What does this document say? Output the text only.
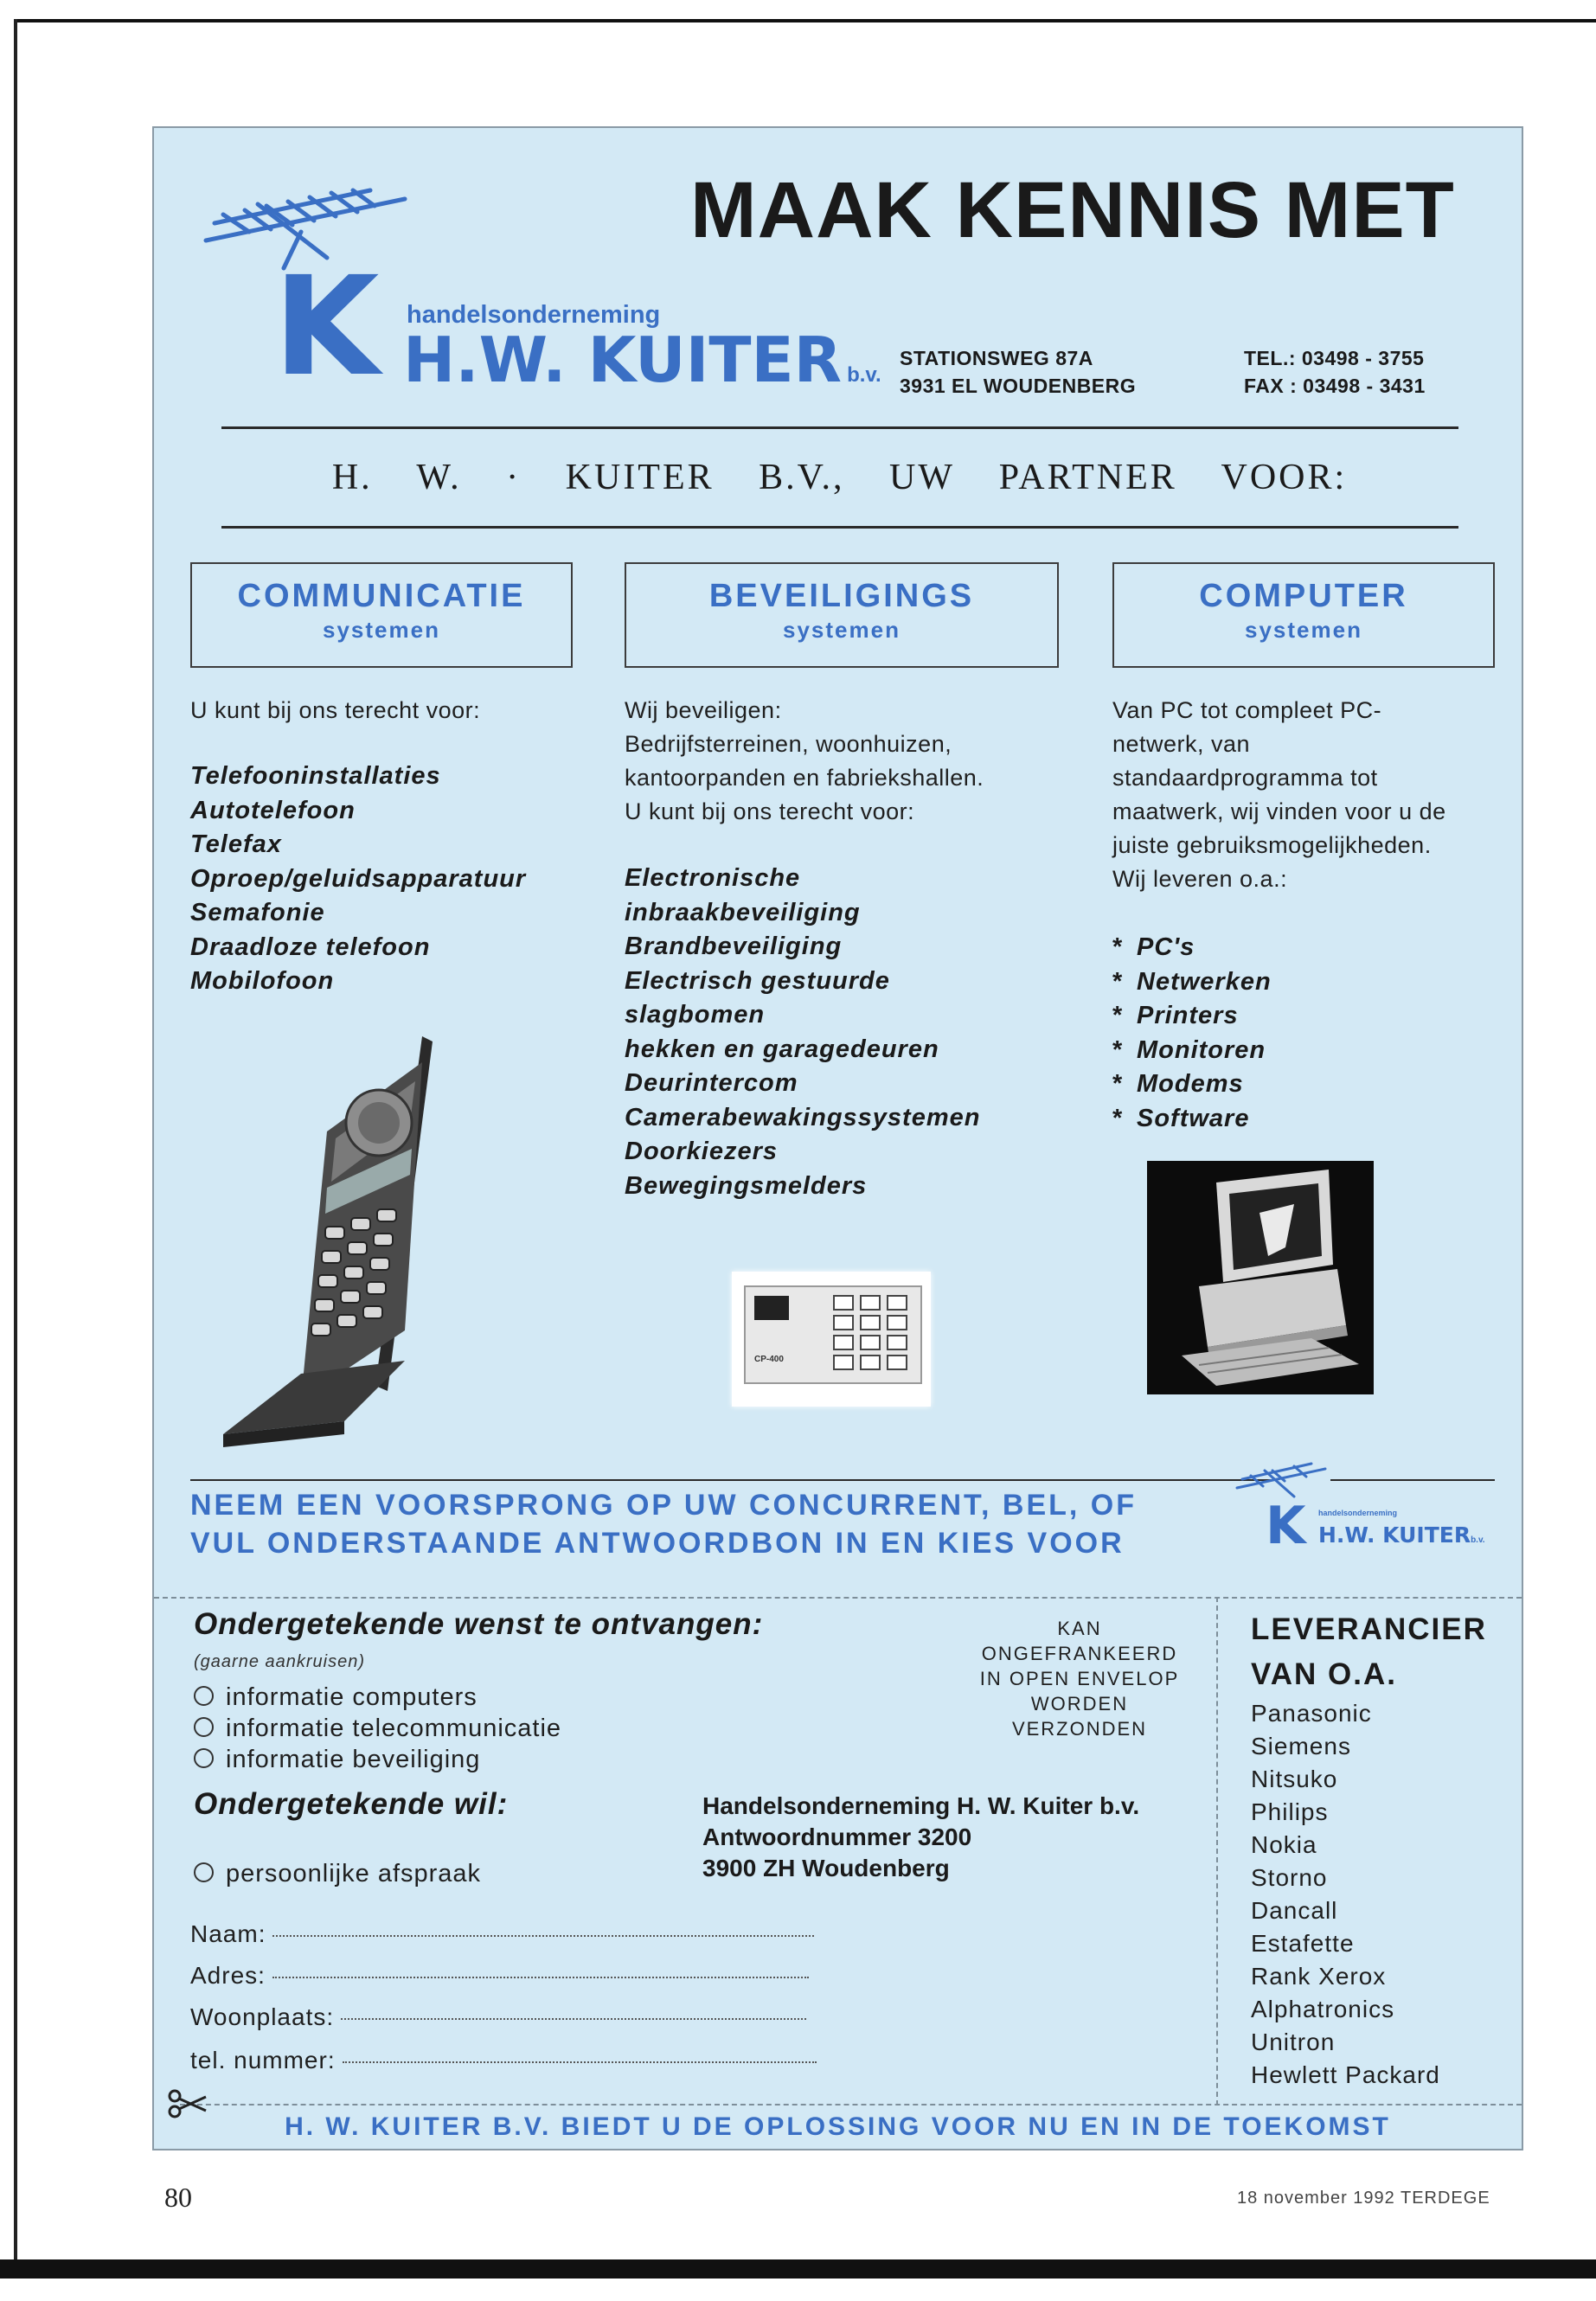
K handelsonderneming
H.W. KUITER b.v.
MAAK KENNIS MET
STATIONSWEG 87A
3931 EL WOUDENBERG
TEL.: 03498 - 3755
FAX : 03498 - 3431
H. W. · KUITER B.V., UW PARTNER VOOR:
COMMUNICATIE
systemen
BEVEILIGINGS
systemen
COMPUTER
systemen
U kunt bij ons terecht voor:
Telefooninstallaties
Autotelefoon
Telefax
Oproep/geluidsapparatuur
Semafonie
Draadloze telefoon
Mobilofoon
Wij beveiligen:
Bedrijfsterreinen, woonhuizen,
kantoorpanden en fabriekshallen.
U kunt bij ons terecht voor:
Electronische
inbraakbeveiliging
Brandbeveiliging
Electrisch gestuurde
slagbomen
hekken en garagedeuren
Deurintercom
Camerabewakingssystemen
Doorkiezers
Bewegingsmelders
Van PC tot compleet PC-
netwerk, van
standaardprogramma tot
maatwerk, wij vinden voor u de
juiste gebruiksmogelijkheden.
Wij leveren o.a.:
* PC's
* Netwerken
* Printers
* Monitoren
* Modems
* Software
CP-400
NEEM EEN VOORSPRONG OP UW CONCURRENT, BEL, OF
VUL ONDERSTAANDE ANTWOORDBON IN EN KIES VOOR	K handelsonderneming
H.W. KUITERb.v.
Ondergetekende wenst te ontvangen:
(gaarne aankruisen)
informatie computers
informatie telecommunicatie
informatie beveiliging
Ondergetekende wil:
persoonlijke afspraak
KAN
ONGEFRANKEERD
IN OPEN ENVELOP
WORDEN
VERZONDEN
Handelsonderneming H. W. Kuiter b.v.
Antwoordnummer 3200
3900 ZH Woudenberg
Naam:
Adres:
Woonplaats:
tel. nummer:
LEVERANCIER
VAN O.A.
Panasonic
Siemens
Nitsuko
Philips
Nokia
Storno
Dancall
Estafette
Rank Xerox
Alphatronics
Unitron
Hewlett Packard
H. W. KUITER B.V. BIEDT U DE OPLOSSING VOOR NU EN IN DE TOEKOMST
80	18 november 1992 TERDEGE
